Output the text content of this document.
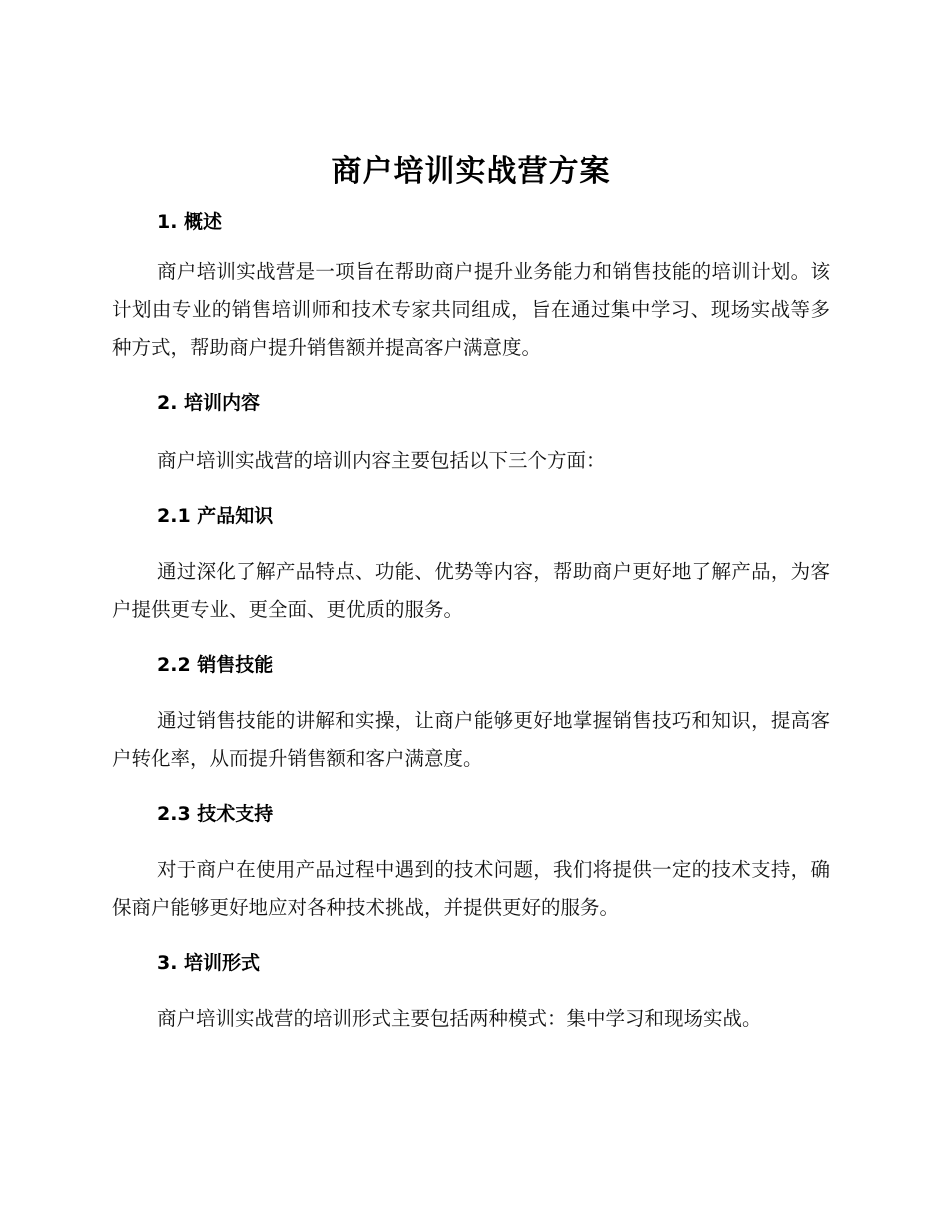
商户培训实战营方案
1. 概述

商户培训实战营是一项旨在帮助商户提升业务能力和销售技能的培训计划。该计划由专业的销售培训师和技术专家共同组成，旨在通过集中学习、现场实战等多种方式，帮助商户提升销售额并提高客户满意度。

2. 培训内容

商户培训实战营的培训内容主要包括以下三个方面：

2.1 产品知识

通过深化了解产品特点、功能、优势等内容，帮助商户更好地了解产品，为客户提供更专业、更全面、更优质的服务。

2.2 销售技能

通过销售技能的讲解和实操，让商户能够更好地掌握销售技巧和知识，提高客户转化率，从而提升销售额和客户满意度。

2.3 技术支持

对于商户在使用产品过程中遇到的技术问题，我们将提供一定的技术支持，确保商户能够更好地应对各种技术挑战，并提供更好的服务。

3. 培训形式

商户培训实战营的培训形式主要包括两种模式：集中学习和现场实战。
